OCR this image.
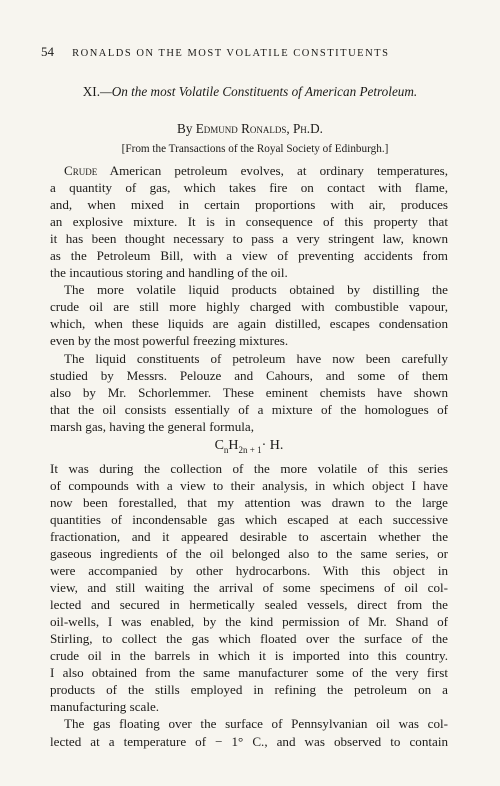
54 RONALDS ON THE MOST VOLATILE CONSTITUENTS
XI.—On the most Volatile Constituents of American Petroleum.
By Edmund Ronalds, Ph.D.
[From the Transactions of the Royal Society of Edinburgh.]
Crude American petroleum evolves, at ordinary temperatures,
a quantity of gas, which takes fire on contact with flame,
and, when mixed in certain proportions with air, produces
an explosive mixture. It is in consequence of this property that
it has been thought necessary to pass a very stringent law, known
as the Petroleum Bill, with a view of preventing accidents from
the incautious storing and handling of the oil.
The more volatile liquid products obtained by distilling the
crude oil are still more highly charged with combustible vapour,
which, when these liquids are again distilled, escapes condensation
even by the most powerful freezing mixtures.
The liquid constituents of petroleum have now been carefully
studied by Messrs. Pelouze and Cahours, and some of them
also by Mr. Schorlemmer. These eminent chemists have shown
that the oil consists essentially of a mixture of the homologues of
marsh gas, having the general formula,
$C_nH_{2n + 1}\cdot H$.
It was during the collection of the more volatile of this series
of compounds with a view to their analysis, in which object I have
now been forestalled, that my attention was drawn to the large
quantities of incondensable gas which escaped at each successive
fractionation, and it appeared desirable to ascertain whether the
gaseous ingredients of the oil belonged also to the same series, or
were accompanied by other hydrocarbons. With this object in
view, and still waiting the arrival of some specimens of oil col-
lected and secured in hermetically sealed vessels, direct from the
oil-wells, I was enabled, by the kind permission of Mr. Shand of
Stirling, to collect the gas which floated over the surface of the
crude oil in the barrels in which it is imported into this country.
I also obtained from the same manufacturer some of the very first
products of the stills employed in refining the petroleum on a
manufacturing scale.
The gas floating over the surface of Pennsylvanian oil was col-
lected at a temperature of − 1° C., and was observed to contain
